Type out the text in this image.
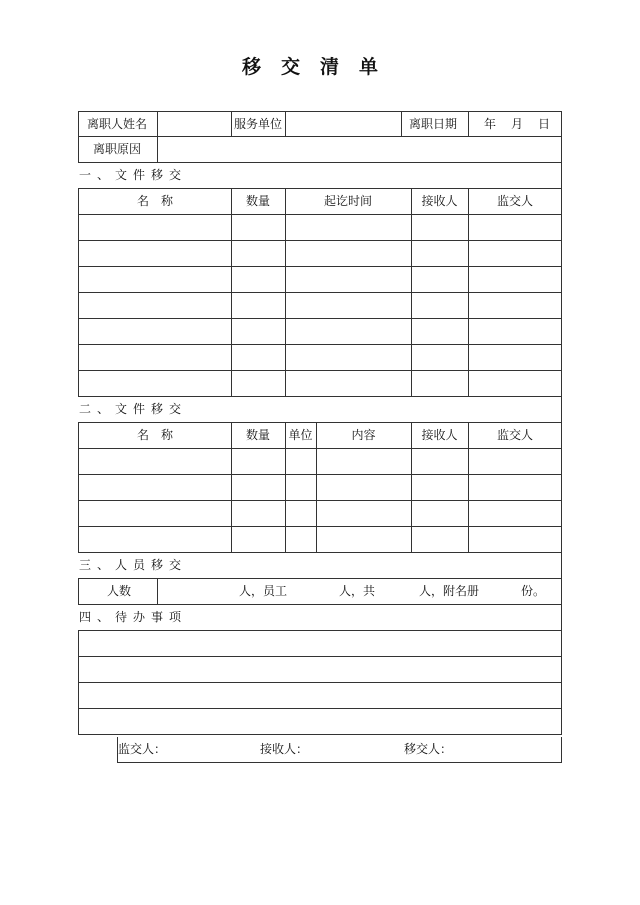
移交清单
离职人姓名	服务单位	离职日期 年 月 日
离职原因
一、文件移交
名　称	数量	起讫时间	接收人	监交人
二、文件移交
名　称	数量	单位	内容	接收人	监交人
三、人员移交
人数	人，员工	人，共	人，附名册	份。
四、待办事项
监交人：	接收人：	移交人：
